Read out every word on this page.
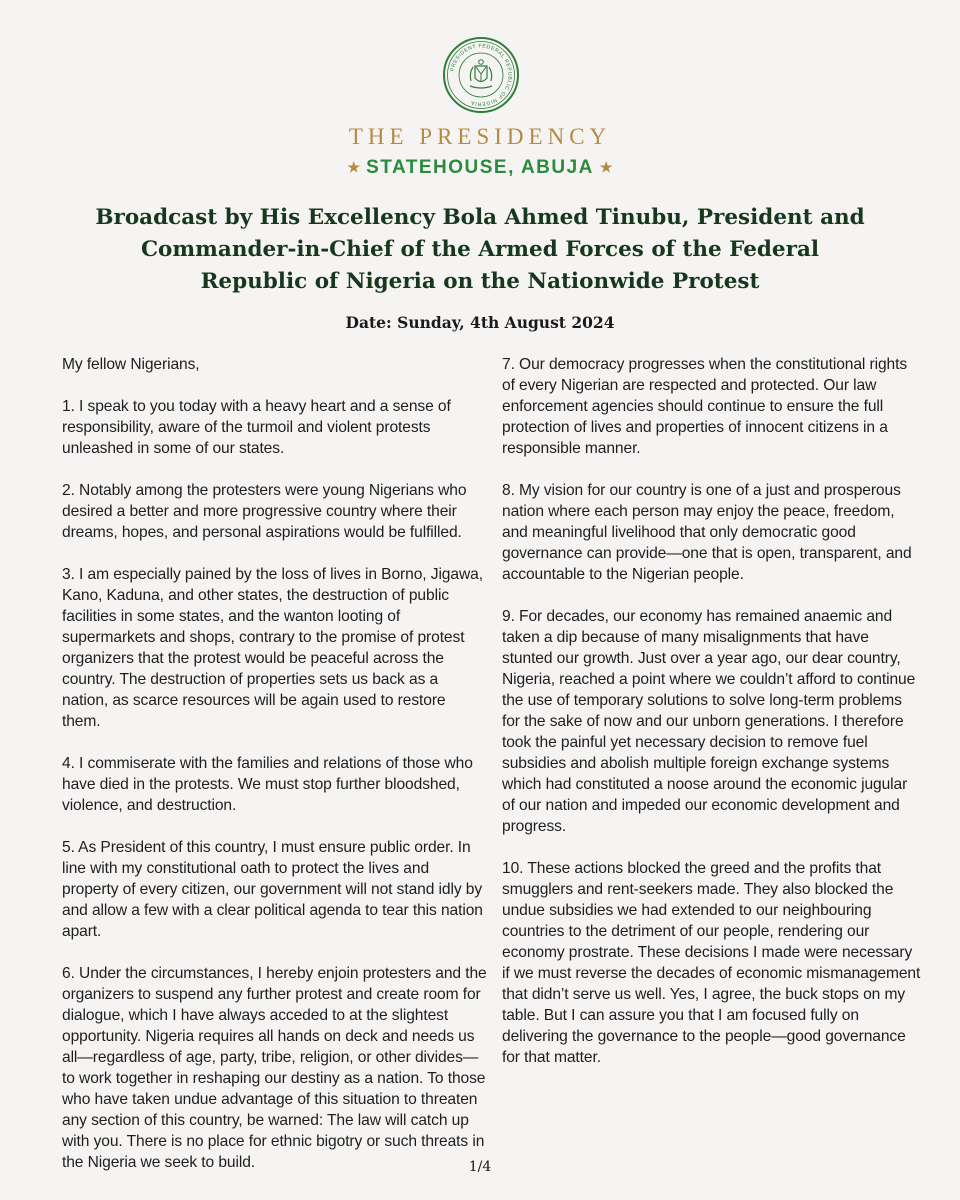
PRESIDENT FEDERAL REPUBLIC OF NIGERIA
THE PRESIDENCY
★ STATEHOUSE, ABUJA ★
Broadcast by His Excellency Bola Ahmed Tinubu, President and Commander-in-Chief of the Armed Forces of the Federal Republic of Nigeria on the Nationwide Protest
Date: Sunday, 4th August 2024

My fellow Nigerians,

1. I speak to you today with a heavy heart and a sense of responsibility, aware of the turmoil and violent protests unleashed in some of our states.

2. Notably among the protesters were young Nigerians who desired a better and more progressive country where their dreams, hopes, and personal aspirations would be fulfilled.

3. I am especially pained by the loss of lives in Borno, Jigawa, Kano, Kaduna, and other states, the destruction of public facilities in some states, and the wanton looting of supermarkets and shops, contrary to the promise of protest organizers that the protest would be peaceful across the country. The destruction of properties sets us back as a nation, as scarce resources will be again used to restore them.

4. I commiserate with the families and relations of those who have died in the protests. We must stop further bloodshed, violence, and destruction.

5. As President of this country, I must ensure public order. In line with my constitutional oath to protect the lives and property of every citizen, our government will not stand idly by and allow a few with a clear political agenda to tear this nation apart.

6. Under the circumstances, I hereby enjoin protesters and the organizers to suspend any further protest and create room for dialogue, which I have always acceded to at the slightest opportunity. Nigeria requires all hands on deck and needs us all—regardless of age, party, tribe, religion, or other divides—to work together in reshaping our destiny as a nation. To those who have taken undue advantage of this situation to threaten any section of this country, be warned: The law will catch up with you. There is no place for ethnic bigotry or such threats in the Nigeria we seek to build.

7. Our democracy progresses when the constitutional rights of every Nigerian are respected and protected. Our law enforcement agencies should continue to ensure the full protection of lives and properties of innocent citizens in a responsible manner.

8. My vision for our country is one of a just and prosperous nation where each person may enjoy the peace, freedom, and meaningful livelihood that only democratic good governance can provide—one that is open, transparent, and accountable to the Nigerian people.

9. For decades, our economy has remained anaemic and taken a dip because of many misalignments that have stunted our growth. Just over a year ago, our dear country, Nigeria, reached a point where we couldn’t afford to continue the use of temporary solutions to solve long-term problems for the sake of now and our unborn generations. I therefore took the painful yet necessary decision to remove fuel subsidies and abolish multiple foreign exchange systems which had constituted a noose around the economic jugular of our nation and impeded our economic development and progress.

10. These actions blocked the greed and the profits that smugglers and rent-seekers made. They also blocked the undue subsidies we had extended to our neighbouring countries to the detriment of our people, rendering our economy prostrate. These decisions I made were necessary if we must reverse the decades of economic mismanagement that didn’t serve us well. Yes, I agree, the buck stops on my table. But I can assure you that I am focused fully on delivering the governance to the people—good governance for that matter.

1/4
